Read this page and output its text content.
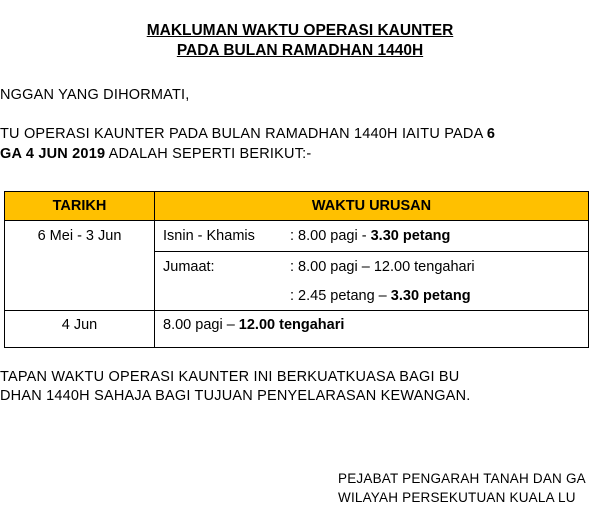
MAKLUMAN WAKTU OPERASI KAUNTER
PADA BULAN RAMADHAN 1440H
NGGAN YANG DIHORMATI,
TU OPERASI KAUNTER PADA BULAN RAMADHAN 1440H IAITU PADA 6
GA 4 JUN 2019 ADALAH SEPERTI BERIKUT:-
TARIKH	WAKTU URUSAN
6 Mei - 3 Jun	Isnin - Khamis : 8.00 pagi - 3.30 petang
Jumaat: : 8.00 pagi – 12.00 tengahari
: 2.45 petang – 3.30 petang

4 Jun	8.00 pagi – 12.00 tengahari
TAPAN WAKTU OPERASI KAUNTER INI BERKUATKUASA BAGI BU
DHAN 1440H SAHAJA BAGI TUJUAN PENYELARASAN KEWANGAN.
PEJABAT PENGARAH TANAH DAN GA
WILAYAH PERSEKUTUAN KUALA LU
